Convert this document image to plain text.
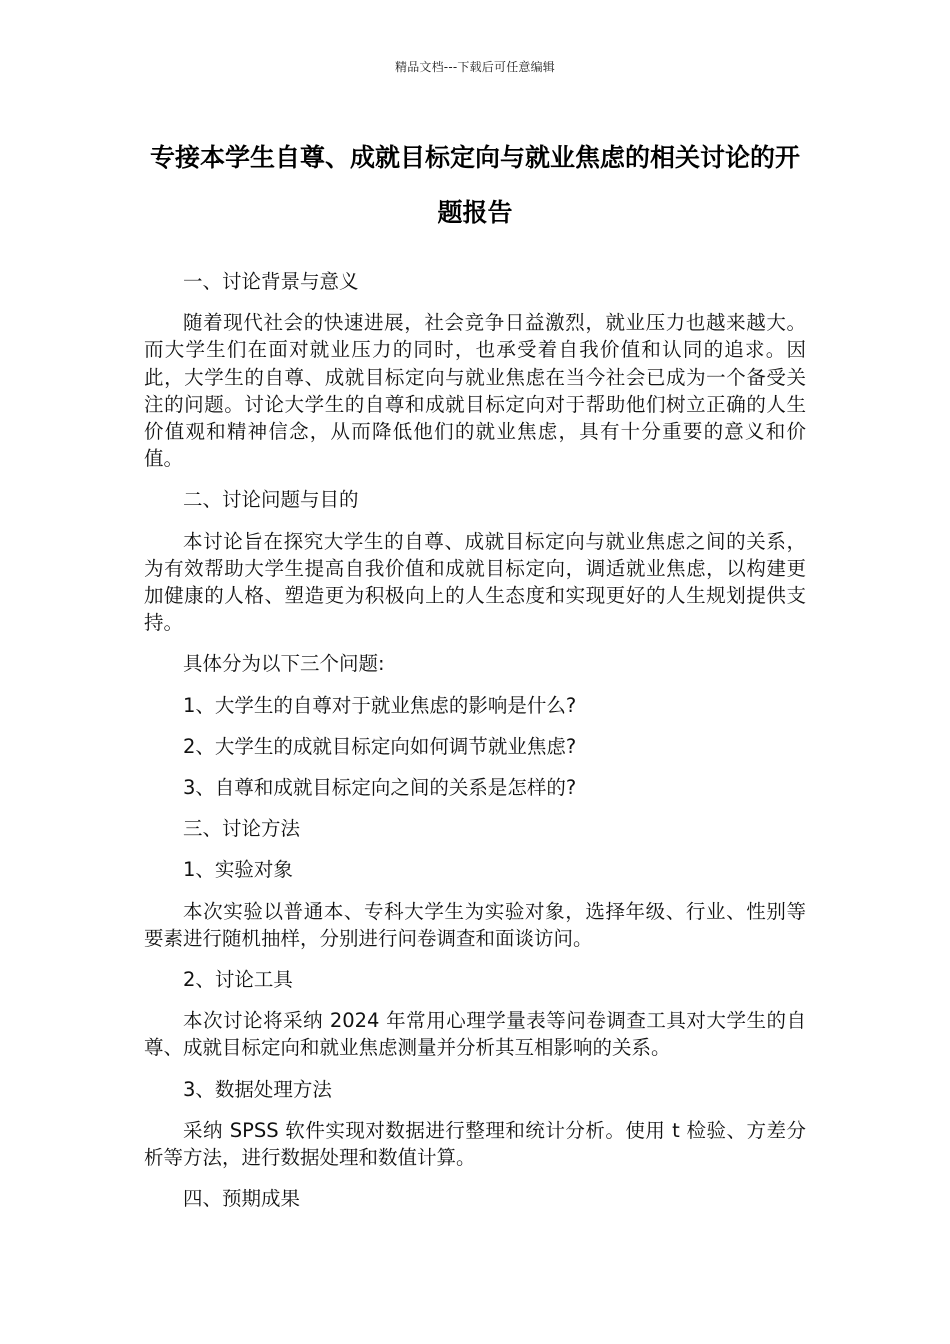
精品文档---下载后可任意编辑
专接本学生自尊、成就目标定向与就业焦虑的相关讨论的开题报告

一、讨论背景与意义

随着现代社会的快速进展，社会竞争日益激烈，就业压力也越来越大。而大学生们在面对就业压力的同时，也承受着自我价值和认同的追求。因此，大学生的自尊、成就目标定向与就业焦虑在当今社会已成为一个备受关注的问题。讨论大学生的自尊和成就目标定向对于帮助他们树立正确的人生价值观和精神信念，从而降低他们的就业焦虑，具有十分重要的意义和价值。

二、讨论问题与目的

本讨论旨在探究大学生的自尊、成就目标定向与就业焦虑之间的关系，为有效帮助大学生提高自我价值和成就目标定向，调适就业焦虑，以构建更加健康的人格、塑造更为积极向上的人生态度和实现更好的人生规划提供支持。

具体分为以下三个问题:

1、大学生的自尊对于就业焦虑的影响是什么?

2、大学生的成就目标定向如何调节就业焦虑?

3、自尊和成就目标定向之间的关系是怎样的?

三、讨论方法

1、实验对象

本次实验以普通本、专科大学生为实验对象，选择年级、行业、性别等要素进行随机抽样，分别进行问卷调查和面谈访问。

2、讨论工具

本次讨论将采纳 2024 年常用心理学量表等问卷调查工具对大学生的自尊、成就目标定向和就业焦虑测量并分析其互相影响的关系。

3、数据处理方法

采纳 SPSS 软件实现对数据进行整理和统计分析。使用 t 检验、方差分析等方法，进行数据处理和数值计算。

四、预期成果
